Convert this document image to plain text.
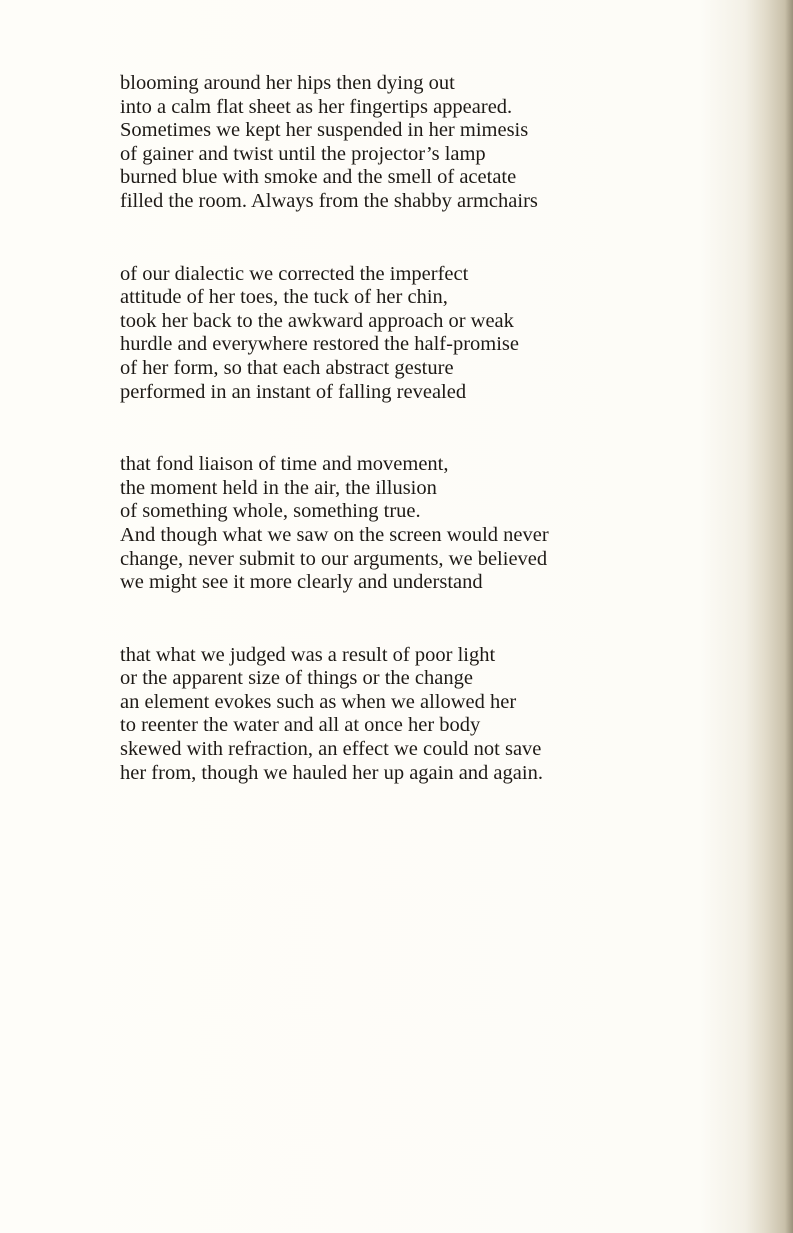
blooming around her hips then dying out
into a calm flat sheet as her fingertips appeared.
Sometimes we kept her suspended in her mimesis
of gainer and twist until the projector’s lamp
burned blue with smoke and the smell of acetate
filled the room. Always from the shabby armchairs
of our dialectic we corrected the imperfect
attitude of her toes, the tuck of her chin,
took her back to the awkward approach or weak
hurdle and everywhere restored the half-promise
of her form, so that each abstract gesture
performed in an instant of falling revealed
that fond liaison of time and movement,
the moment held in the air, the illusion
of something whole, something true.
And though what we saw on the screen would never
change, never submit to our arguments, we believed
we might see it more clearly and understand
that what we judged was a result of poor light
or the apparent size of things or the change
an element evokes such as when we allowed her
to reenter the water and all at once her body
skewed with refraction, an effect we could not save
her from, though we hauled her up again and again.
